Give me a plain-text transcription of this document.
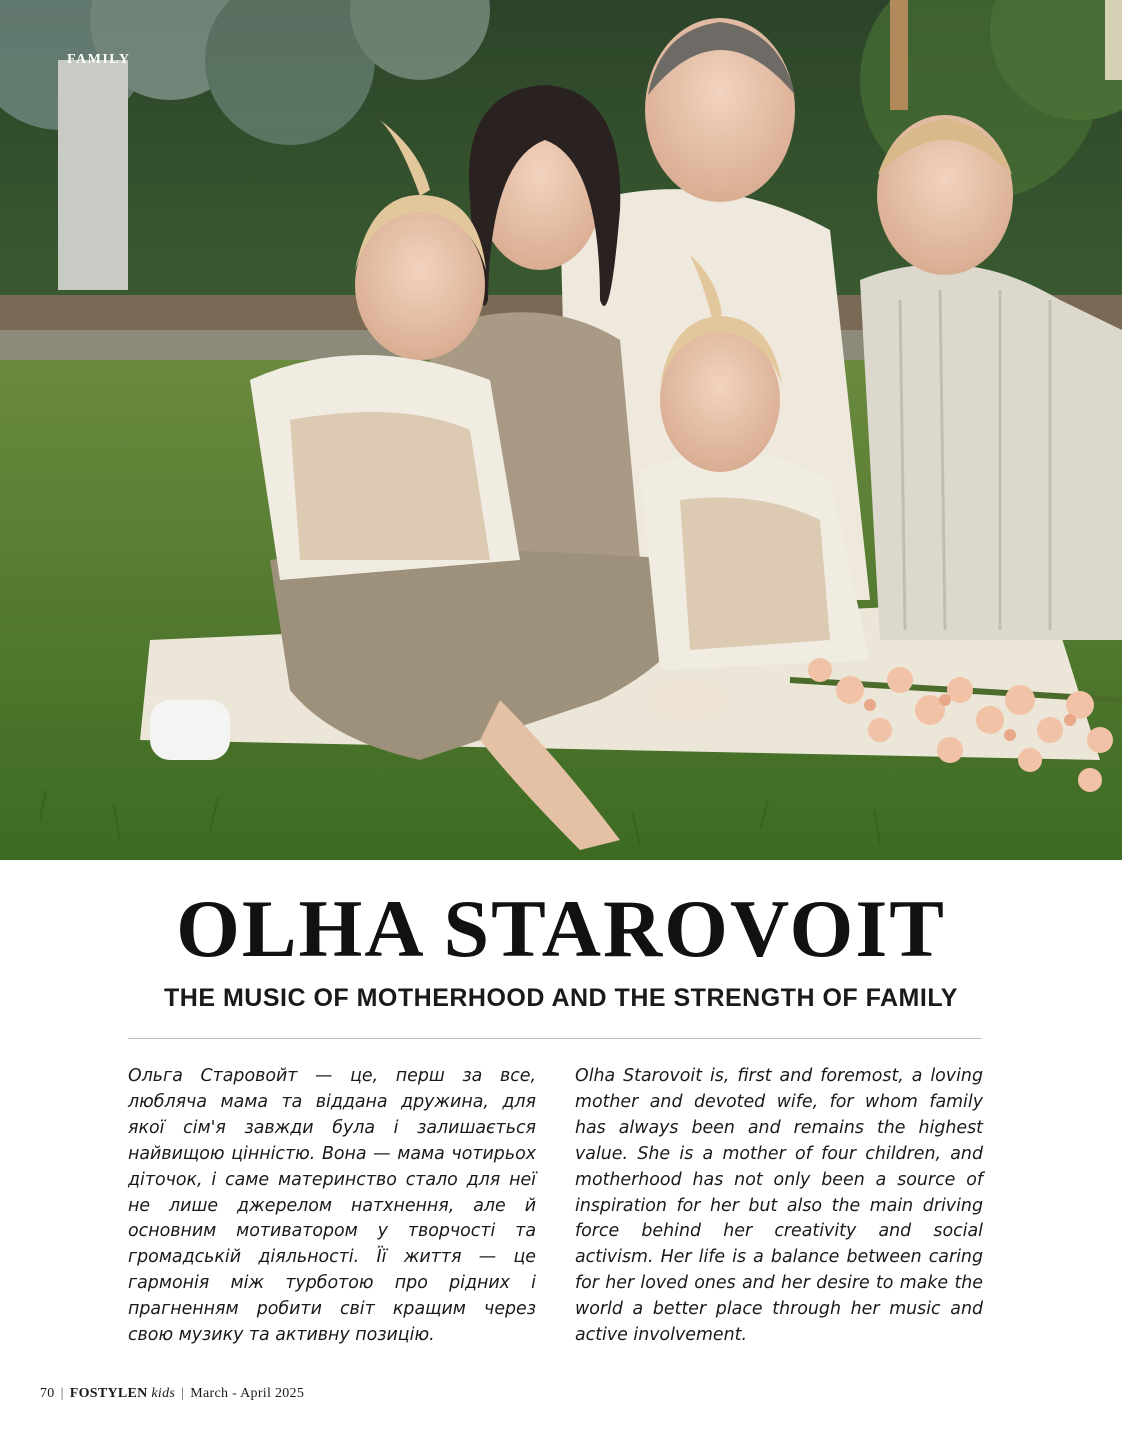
FAMILY
OLHA STAROVOIT
THE MUSIC OF MOTHERHOOD AND THE STRENGTH OF FAMILY

Ольга Старовойт — це, перш за все, любляча мама та віддана дружина, для якої сім'я завжди була і залишається найвищою цінністю. Вона — мама чотирьох діточок, і саме материнство стало для неї не лише джерелом натхнення, але й основним мотиватором у творчості та громадській діяльності. Її життя — це гармонія між турботою про рідних і прагненням робити світ кращим через свою музику та активну позицію.

Olha Starovoit is, first and foremost, a loving mother and devoted wife, for whom family has always been and remains the highest value. She is a mother of four children, and motherhood has not only been a source of inspiration for her but also the main driving force behind her creativity and social activism. Her life is a balance between caring for her loved ones and her desire to make the world a better place through her music and active involvement.

70 | FOSTYLEN kids | March - April 2025
